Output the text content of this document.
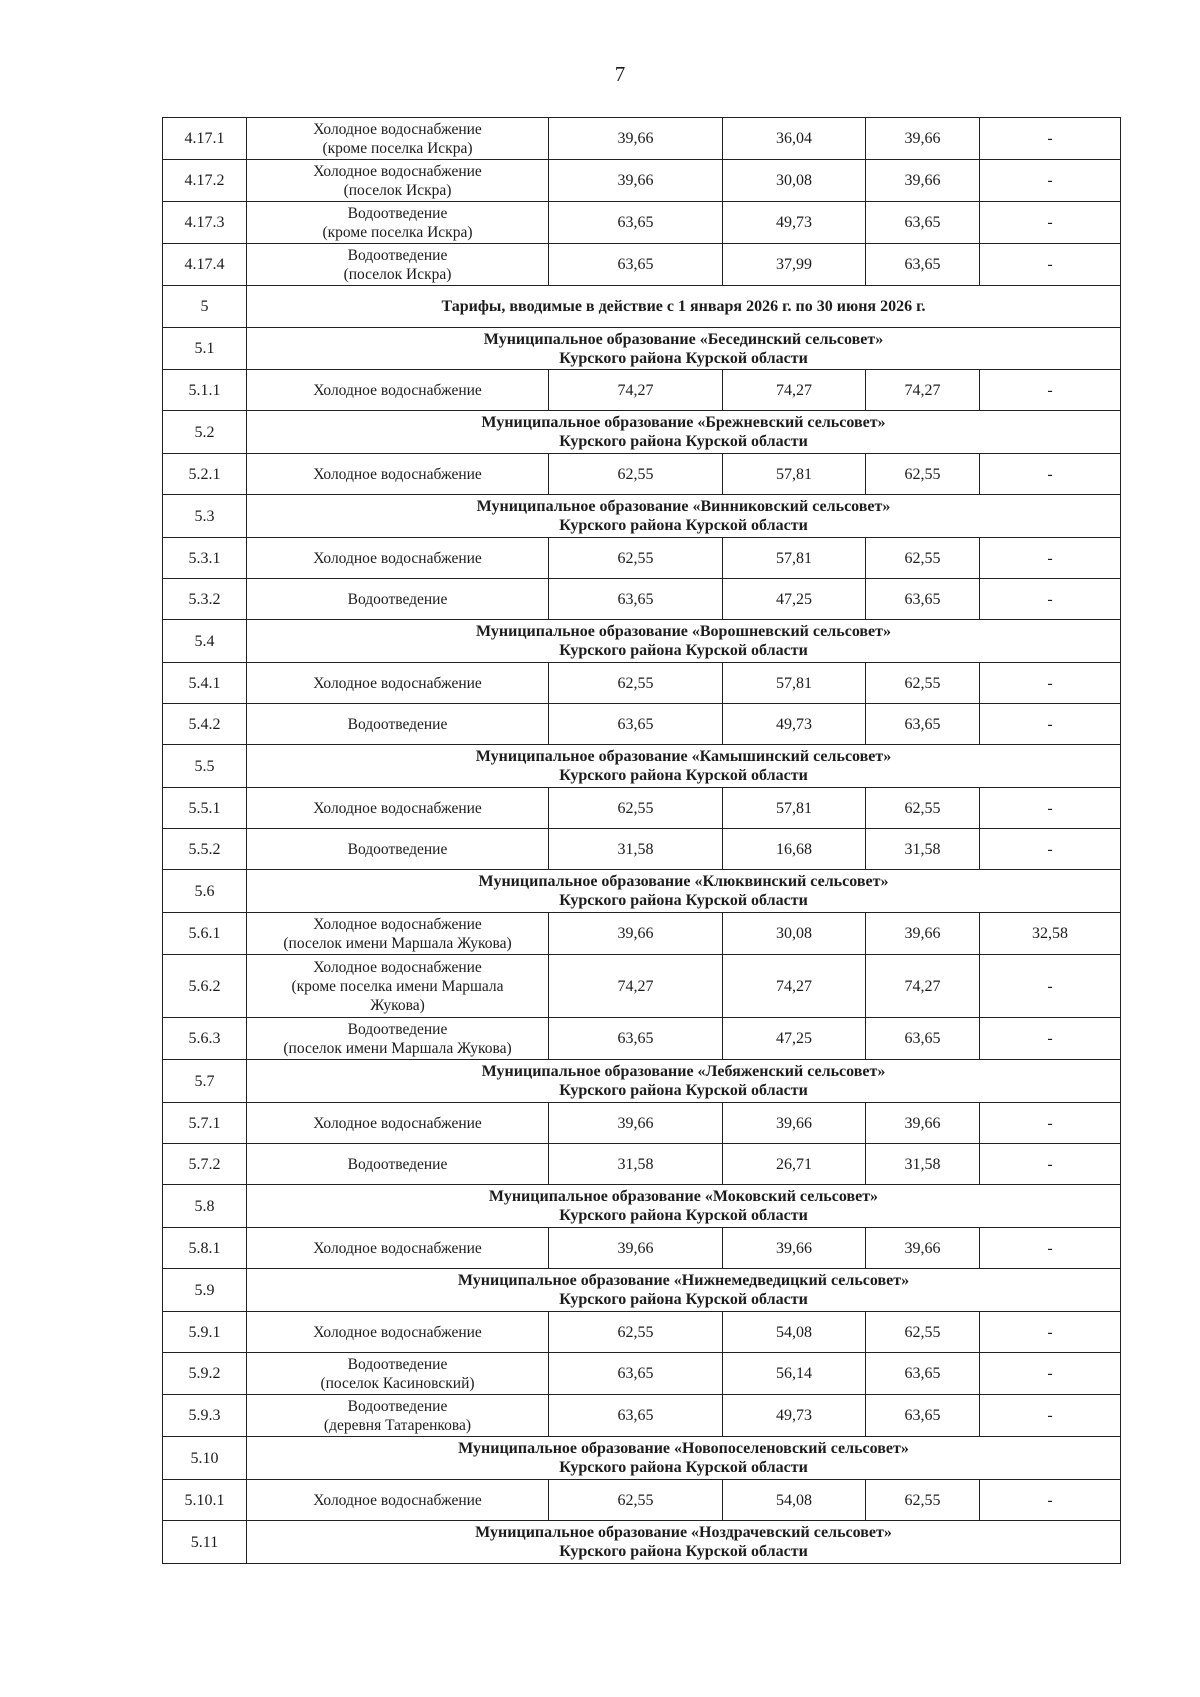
7
4.17.1	Холодное водоснабжение
(кроме поселка Искра)	39,66	36,04	39,66	-
4.17.2	Холодное водоснабжение
(поселок Искра)	39,66	30,08	39,66	-
4.17.3	Водоотведение
(кроме поселка Искра)	63,65	49,73	63,65	-
4.17.4	Водоотведение
(поселок Искра)	63,65	37,99	63,65	-
5	Тарифы, вводимые в действие с 1 января 2026 г. по 30 июня 2026 г.				

5.1	Муниципальное образование «Бесединский сельсовет»
Курского района Курской области				

5.1.1	Холодное водоснабжение	74,27	74,27	74,27	-
5.2	Муниципальное образование «Брежневский сельсовет»
Курского района Курской области				

5.2.1	Холодное водоснабжение	62,55	57,81	62,55	-
5.3	Муниципальное образование «Винниковский сельсовет»
Курского района Курской области				

5.3.1	Холодное водоснабжение	62,55	57,81	62,55	-
5.3.2	Водоотведение	63,65	47,25	63,65	-
5.4	Муниципальное образование «Ворошневский сельсовет»
Курского района Курской области				

5.4.1	Холодное водоснабжение	62,55	57,81	62,55	-
5.4.2	Водоотведение	63,65	49,73	63,65	-
5.5	Муниципальное образование «Камышинский сельсовет»
Курского района Курской области				

5.5.1	Холодное водоснабжение	62,55	57,81	62,55	-
5.5.2	Водоотведение	31,58	16,68	31,58	-
5.6	Муниципальное образование «Клюквинский сельсовет»
Курского района Курской области				

5.6.1	Холодное водоснабжение
(поселок имени Маршала Жукова)	39,66	30,08	39,66	32,58
5.6.2	Холодное водоснабжение
(кроме поселка имени Маршала
Жукова)	74,27	74,27	74,27	-
5.6.3	Водоотведение
(поселок имени Маршала Жукова)	63,65	47,25	63,65	-
5.7	Муниципальное образование «Лебяженский сельсовет»
Курского района Курской области				

5.7.1	Холодное водоснабжение	39,66	39,66	39,66	-
5.7.2	Водоотведение	31,58	26,71	31,58	-
5.8	Муниципальное образование «Моковский сельсовет»
Курского района Курской области				

5.8.1	Холодное водоснабжение	39,66	39,66	39,66	-
5.9	Муниципальное образование «Нижнемедведицкий сельсовет»
Курского района Курской области				

5.9.1	Холодное водоснабжение	62,55	54,08	62,55	-
5.9.2	Водоотведение
(поселок Касиновский)	63,65	56,14	63,65	-
5.9.3	Водоотведение
(деревня Татаренкова)	63,65	49,73	63,65	-
5.10	Муниципальное образование «Новопоселеновский сельсовет»
Курского района Курской области				

5.10.1	Холодное водоснабжение	62,55	54,08	62,55	-
5.11	Муниципальное образование «Ноздрачевский сельсовет»
Курского района Курской области				
